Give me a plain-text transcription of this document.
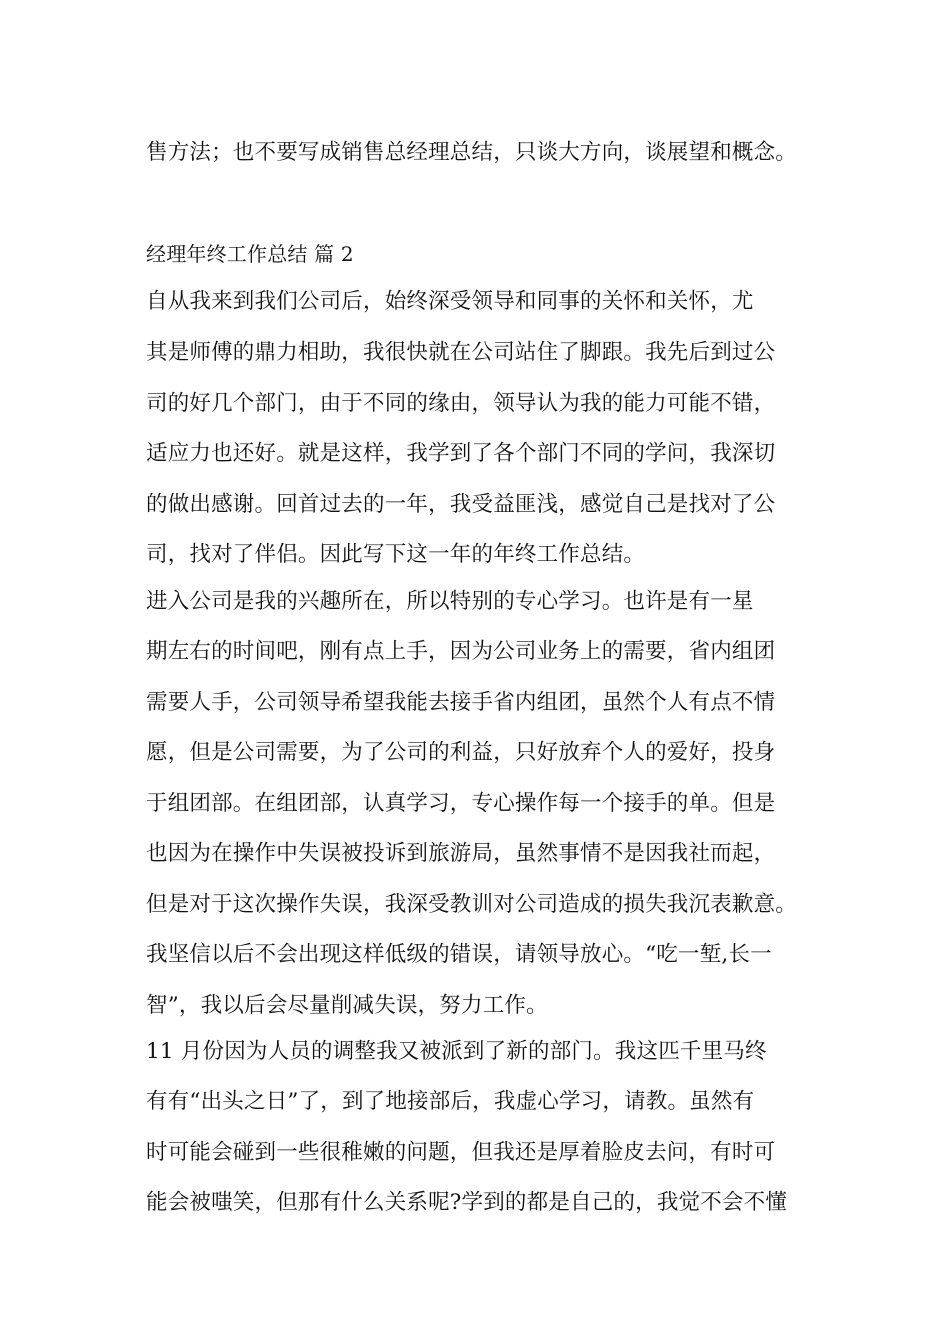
售方法；也不要写成销售总经理总结，只谈大方向，谈展望和概念。
经理年终工作总结 篇 2
自从我来到我们公司后，始终深受领导和同事的关怀和关怀，尤
其是师傅的鼎力相助，我很快就在公司站住了脚跟。我先后到过公
司的好几个部门，由于不同的缘由，领导认为我的能力可能不错，
适应力也还好。就是这样，我学到了各个部门不同的学问，我深切
的做出感谢。回首过去的一年，我受益匪浅，感觉自己是找对了公
司，找对了伴侣。因此写下这一年的年终工作总结。
进入公司是我的兴趣所在，所以特别的专心学习。也许是有一星
期左右的时间吧，刚有点上手，因为公司业务上的需要，省内组团
需要人手，公司领导希望我能去接手省内组团，虽然个人有点不情
愿，但是公司需要，为了公司的利益，只好放弃个人的爱好，投身
于组团部。在组团部，认真学习，专心操作每一个接手的单。但是
也因为在操作中失误被投诉到旅游局，虽然事情不是因我社而起，
但是对于这次操作失误，我深受教训对公司造成的损失我沉表歉意。
我坚信以后不会出现这样低级的错误，请领导放心。“吃一堑,长一
智”，我以后会尽量削减失误，努力工作。
11 月份因为人员的调整我又被派到了新的部门。我这匹千里马终
有有“出头之日”了，到了地接部后，我虚心学习，请教。虽然有
时可能会碰到一些很稚嫩的问题，但我还是厚着脸皮去问，有时可
能会被嗤笑，但那有什么关系呢?学到的都是自己的，我觉不会不懂
